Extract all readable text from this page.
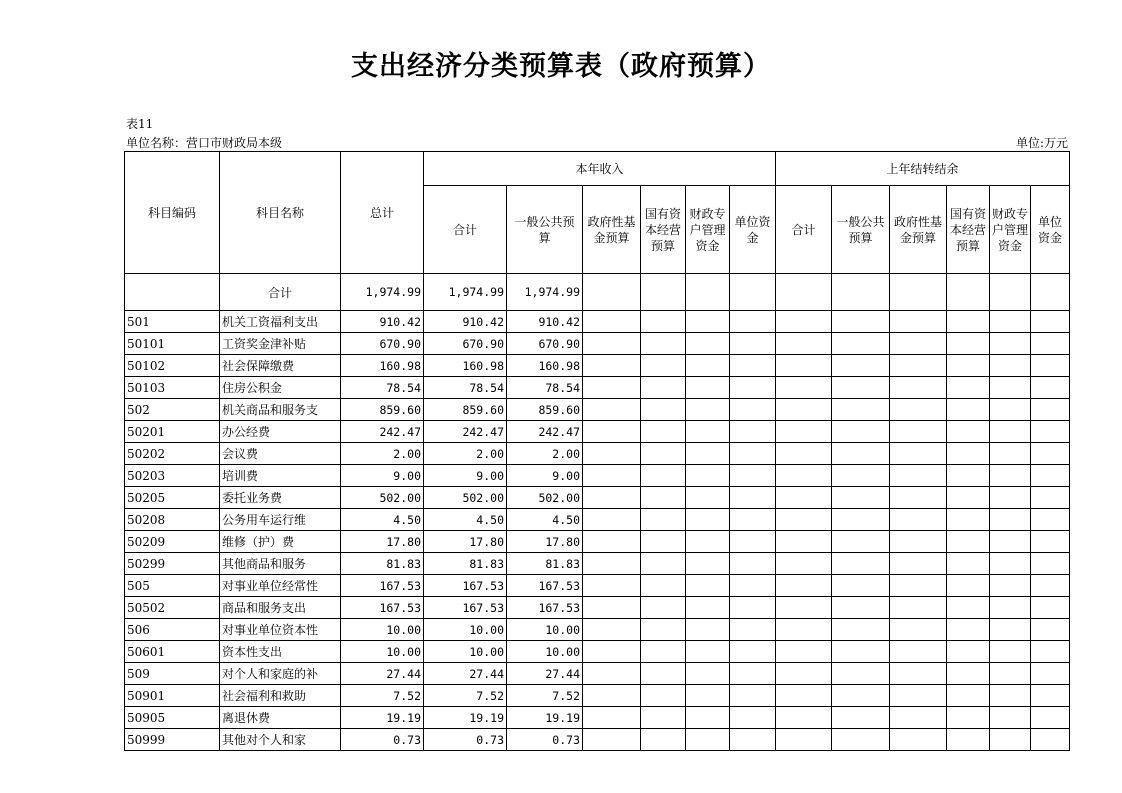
支出经济分类预算表（政府预算）
表11
单位名称：营口市财政局本级	单位:万元
科目编码	科目名称	总计	本年收入						上年结转结余					
			合计	一般公共预算	政府性基金预算	国有资本经营预算	财政专户管理资金	单位资金	合计	一般公共预算	政府性基金预算	国有资本经营预算	财政专户管理资金	单位资金
	合计	1,974.99	1,974.99	1,974.99										
501	机关工资福利支出	910.42	910.42	910.42										
50101	工资奖金津补贴	670.90	670.90	670.90										
50102	社会保障缴费	160.98	160.98	160.98										
50103	住房公积金	78.54	78.54	78.54										
502	机关商品和服务支	859.60	859.60	859.60										
50201	办公经费	242.47	242.47	242.47										
50202	会议费	2.00	2.00	2.00										
50203	培训费	9.00	9.00	9.00										
50205	委托业务费	502.00	502.00	502.00										
50208	公务用车运行维	4.50	4.50	4.50										
50209	维修（护）费	17.80	17.80	17.80										
50299	其他商品和服务	81.83	81.83	81.83										
505	对事业单位经常性	167.53	167.53	167.53										
50502	商品和服务支出	167.53	167.53	167.53										
506	对事业单位资本性	10.00	10.00	10.00										
50601	资本性支出	10.00	10.00	10.00										
509	对个人和家庭的补	27.44	27.44	27.44										
50901	社会福利和救助	7.52	7.52	7.52										
50905	离退休费	19.19	19.19	19.19										
50999	其他对个人和家	0.73	0.73	0.73										
